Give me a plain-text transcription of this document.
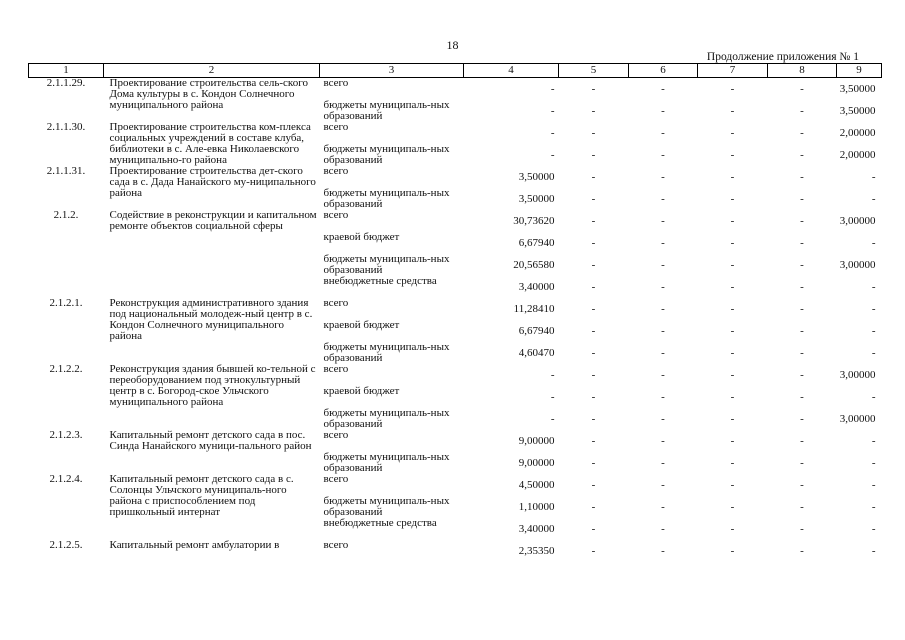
18
Продолжение приложения № 1
1	2	3	4	5	6	7	8	9
2.1.1.29.	Проектирование строительства сель-ского Дома культуры в с. Кондон Солнечного муниципального района	всего	-	-	-	-	-	3,50000
		бюджеты муниципаль-ных образований	-	-	-	-	-	3,50000
2.1.1.30.	Проектирование строительства ком-плекса социальных учреждений в составе клуба, библиотеки в с. Але-евка Николаевского муниципально-го района	всего	-	-	-	-	-	2,00000
		бюджеты муниципаль-ных образований	-	-	-	-	-	2,00000
2.1.1.31.	Проектирование строительства дет-ского сада в с. Дада Нанайского му-ниципального района	всего	3,50000	-	-	-	-	-
		бюджеты муниципаль-ных образований	3,50000	-	-	-	-	-
2.1.2.	Содействие в реконструкции и капитальном ремонте объектов социальной сферы	всего	30,73620	-	-	-	-	3,00000
		краевой бюджет	6,67940	-	-	-	-	-
		бюджеты муниципаль-ных образований	20,56580	-	-	-	-	3,00000
		внебюджетные средства	3,40000	-	-	-	-	-
2.1.2.1.	Реконструкция административного здания под национальный молодеж-ный центр в с. Кондон Солнечного муниципального района	всего	11,28410	-	-	-	-	-
		краевой бюджет	6,67940	-	-	-	-	-
		бюджеты муниципаль-ных образований	4,60470	-	-	-	-	-
2.1.2.2.	Реконструкция здания бывшей ко-тельной с переоборудованием под этнокультурный центр в с. Богород-ское Ульчского муниципального района	всего	-	-	-	-	-	3,00000
		краевой бюджет	-	-	-	-	-	-
		бюджеты муниципаль-ных образований	-	-	-	-	-	3,00000
2.1.2.3.	Капитальный ремонт детского сада в пос. Синда Нанайского муници-пального район	всего	9,00000	-	-	-	-	-
		бюджеты муниципаль-ных образований	9,00000	-	-	-	-	-
2.1.2.4.	Капитальный ремонт детского сада в с. Солонцы Ульчского муниципаль-ного района с приспособлением под пришкольный интернат	всего	4,50000	-	-	-	-	-
		бюджеты муниципаль-ных образований	1,10000	-	-	-	-	-
		внебюджетные средства	3,40000	-	-	-	-	-
2.1.2.5.	Капитальный ремонт амбулатории в	всего	2,35350	-	-	-	-	-
